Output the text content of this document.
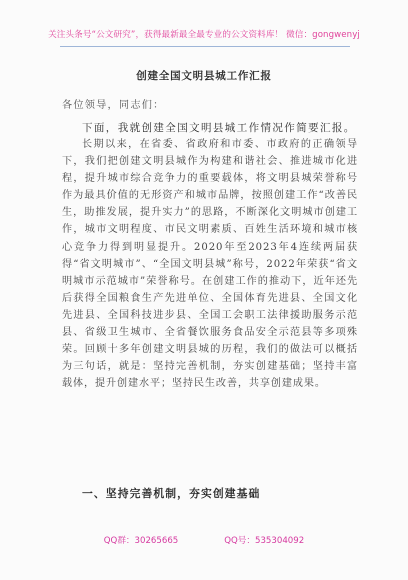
关注头条号“公文研究”，获得最新最全最专业的公文资料库！ 微信：gongwenyj
创建全国文明县城工作汇报
各位领导，同志们：
下面，我就创建全国文明县城工作情况作简要汇报。
长期以来，在省委、省政府和市委、市政府的正确领导下，我们把创建文明县城作为构建和谐社会、推进城市化进程，提升城市综合竞争力的重要载体，将文明县城荣誉称号作为最具价值的无形资产和城市品牌，按照创建工作“改善民生，助推发展，提升实力”的思路，不断深化文明城市创建工作，城市文明程度、市民文明素质、百姓生活环境和城市核心竞争力得到明显提升。2020年至2023年4连续两届获得“省文明城市”、“全国文明县城”称号，2022年荣获“省文明城市示范城市”荣誉称号。在创建工作的推动下，近年还先后获得全国粮食生产先进单位、全国体育先进县、全国文化先进县、全国科技进步县、全国工会职工法律援助服务示范县、省级卫生城市、全省餐饮服务食品安全示范县等多项殊荣。回顾十多年创建文明县城的历程，我们的做法可以概括为三句话，就是：坚持完善机制，夯实创建基础；坚持丰富载体，提升创建水平；坚持民生改善，共享创建成果。
一、坚持完善机制，夯实创建基础
QQ群：30265665	QQ号：535304092
